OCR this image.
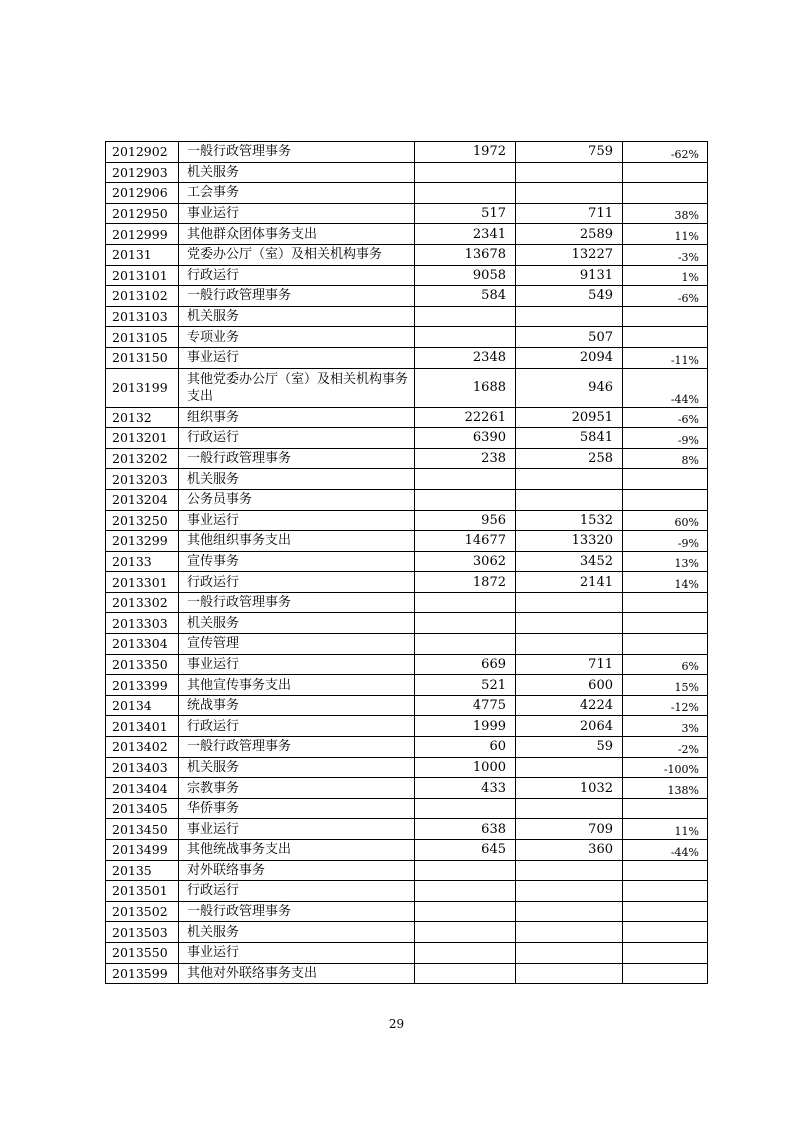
2012902	一般行政管理事务	1972	759	-62%
2012903	机关服务			
2012906	工会事务			
2012950	事业运行	517	711	38%
2012999	其他群众团体事务支出	2341	2589	11%
20131	党委办公厅（室）及相关机构事务	13678	13227	-3%
2013101	行政运行	9058	9131	1%
2013102	一般行政管理事务	584	549	-6%
2013103	机关服务			
2013105	专项业务		507	
2013150	事业运行	2348	2094	-11%
2013199	其他党委办公厅（室）及相关机构事务支出	1688	946	-44%
20132	组织事务	22261	20951	-6%
2013201	行政运行	6390	5841	-9%
2013202	一般行政管理事务	238	258	8%
2013203	机关服务			
2013204	公务员事务			
2013250	事业运行	956	1532	60%
2013299	其他组织事务支出	14677	13320	-9%
20133	宣传事务	3062	3452	13%
2013301	行政运行	1872	2141	14%
2013302	一般行政管理事务			
2013303	机关服务			
2013304	宣传管理			
2013350	事业运行	669	711	6%
2013399	其他宣传事务支出	521	600	15%
20134	统战事务	4775	4224	-12%
2013401	行政运行	1999	2064	3%
2013402	一般行政管理事务	60	59	-2%
2013403	机关服务	1000		-100%
2013404	宗教事务	433	1032	138%
2013405	华侨事务			
2013450	事业运行	638	709	11%
2013499	其他统战事务支出	645	360	-44%
20135	对外联络事务			
2013501	行政运行			
2013502	一般行政管理事务			
2013503	机关服务			
2013550	事业运行			
2013599	其他对外联络事务支出			
29
